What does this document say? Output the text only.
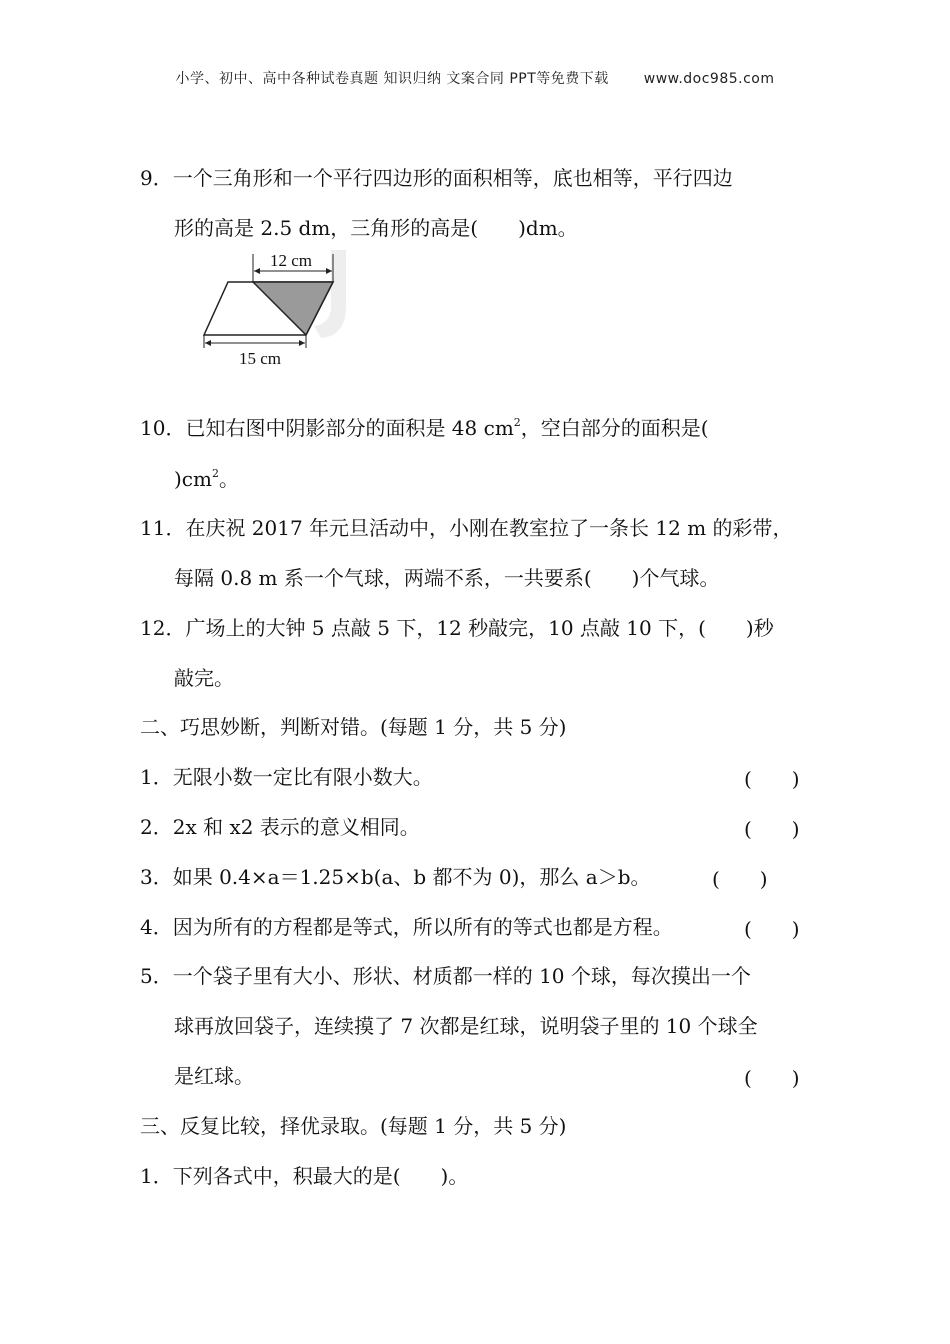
小学、初中、高中各种试卷真题 知识归纳 文案合同 PPT等免费下载 www.doc985.com
9．一个三角形和一个平行四边形的面积相等，底也相等，平行四边
形的高是 2.5 dm，三角形的高是(　　)dm。
12 cm
15 cm
10．已知右图中阴影部分的面积是 48 $cm^2$，空白部分的面积是(
)$cm^2$。
11．在庆祝 2017 年元旦活动中，小刚在教室拉了一条长 12 m 的彩带，
每隔 0.8 m 系一个气球，两端不系，一共要系(　　)个气球。
12．广场上的大钟 5 点敲 5 下，12 秒敲完，10 点敲 10 下，(　　)秒
敲完。
二、巧思妙断，判断对错。(每题 1 分，共 5 分)
1．无限小数一定比有限小数大。	(　　)
2．2x 和 x2 表示的意义相同。	(　　)
3．如果 0.4×a＝1.25×b(a、b 都不为 0)，那么 a＞b。	(　　)
4．因为所有的方程都是等式，所以所有的等式也都是方程。	(　　)
5．一个袋子里有大小、形状、材质都一样的 10 个球，每次摸出一个
球再放回袋子，连续摸了 7 次都是红球，说明袋子里的 10 个球全
是红球。	(　　)
三、反复比较，择优录取。(每题 1 分，共 5 分)
1．下列各式中，积最大的是(　　)。
